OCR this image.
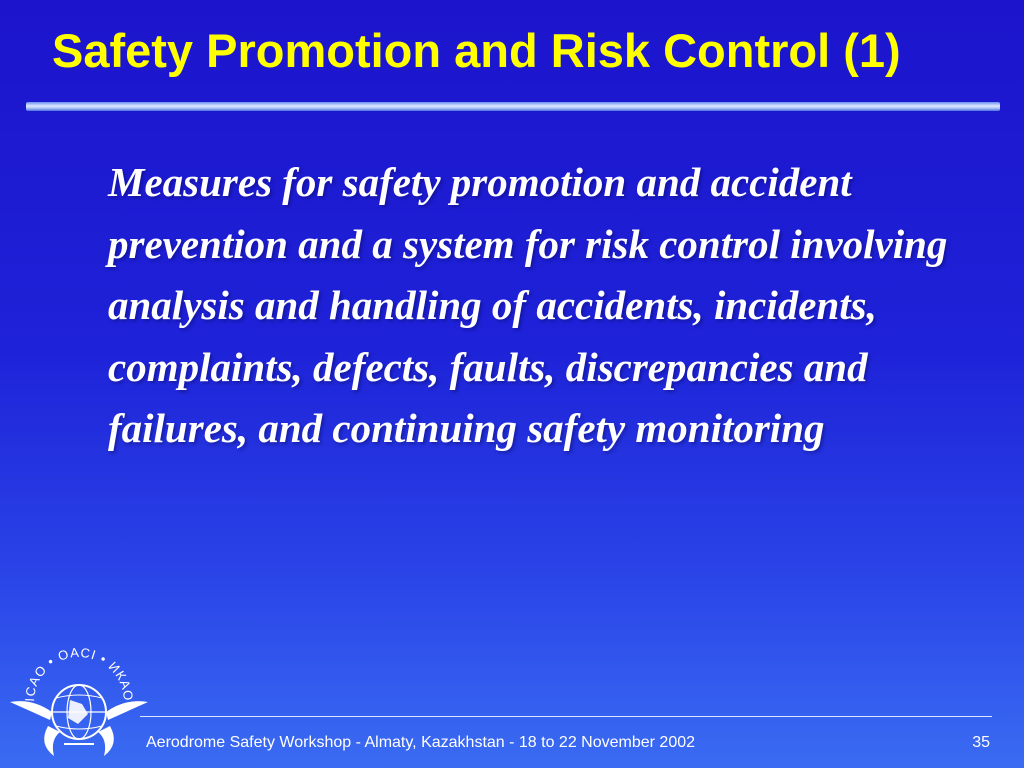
Safety Promotion and Risk Control (1)

Measures for safety promotion and accident prevention and a system for risk control involving analysis and handling of accidents, incidents, complaints, defects, faults, discrepancies and failures, and continuing safety monitoring

ICAO • OACI • ИКАО
Aerodrome Safety Workshop - Almaty, Kazakhstan - 18 to 22 November 2002	35
